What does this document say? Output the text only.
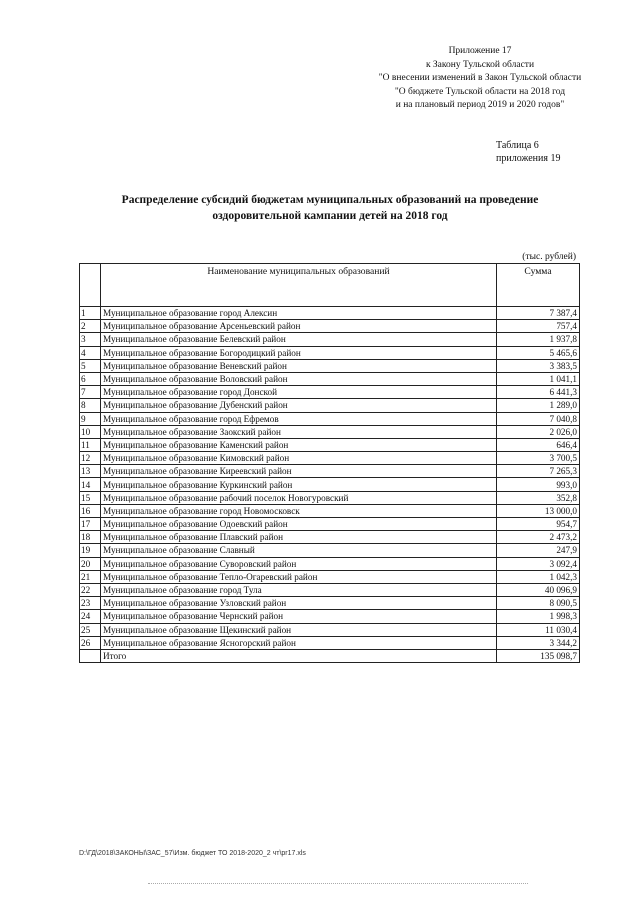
Приложение 17
к Закону Тульской области
"О внесении изменений в Закон Тульской области
"О бюджете Тульской области на 2018 год
и на плановый период 2019 и 2020 годов"
Таблица 6
приложения 19
Распределение субсидий бюджетам муниципальных образований на проведение
оздоровительной кампании детей на 2018 год
(тыс. рублей)
	Наименование муниципальных образований	Сумма
1	Муниципальное образование город Алексин	7 387,4
2	Муниципальное образование Арсеньевский район	757,4
3	Муниципальное образование Белевский район	1 937,8
4	Муниципальное образование Богородицкий район	5 465,6
5	Муниципальное образование Веневский район	3 383,5
6	Муниципальное образование Воловский район	1 041,1
7	Муниципальное образование город Донской	6 441,3
8	Муниципальное образование Дубенский район	1 289,0
9	Муниципальное образование город Ефремов	7 040,8
10	Муниципальное образование Заокский район	2 026,0
11	Муниципальное образование Каменский район	646,4
12	Муниципальное образование Кимовский район	3 700,5
13	Муниципальное образование Киреевский район	7 265,3
14	Муниципальное образование Куркинский район	993,0
15	Муниципальное образование рабочий поселок Новогуровский	352,8
16	Муниципальное образование город Новомосковск	13 000,0
17	Муниципальное образование Одоевский район	954,7
18	Муниципальное образование Плавский район	2 473,2
19	Муниципальное образование Славный	247,9
20	Муниципальное образование Суворовский район	3 092,4
21	Муниципальное образование Тепло-Огаревский район	1 042,3
22	Муниципальное образование город Тула	40 096,9
23	Муниципальное образование Узловский район	8 090,5
24	Муниципальное образование Чернский район	1 998,3
25	Муниципальное образование Щекинский район	11 030,4
26	Муниципальное образование Ясногорский район	3 344,2
	Итого	135 098,7
D:\ГД\2018\ЗАКОНЫ\ЗАС_57\Изм. бюджет ТО 2018-2020_2 чт\pr17.xls
